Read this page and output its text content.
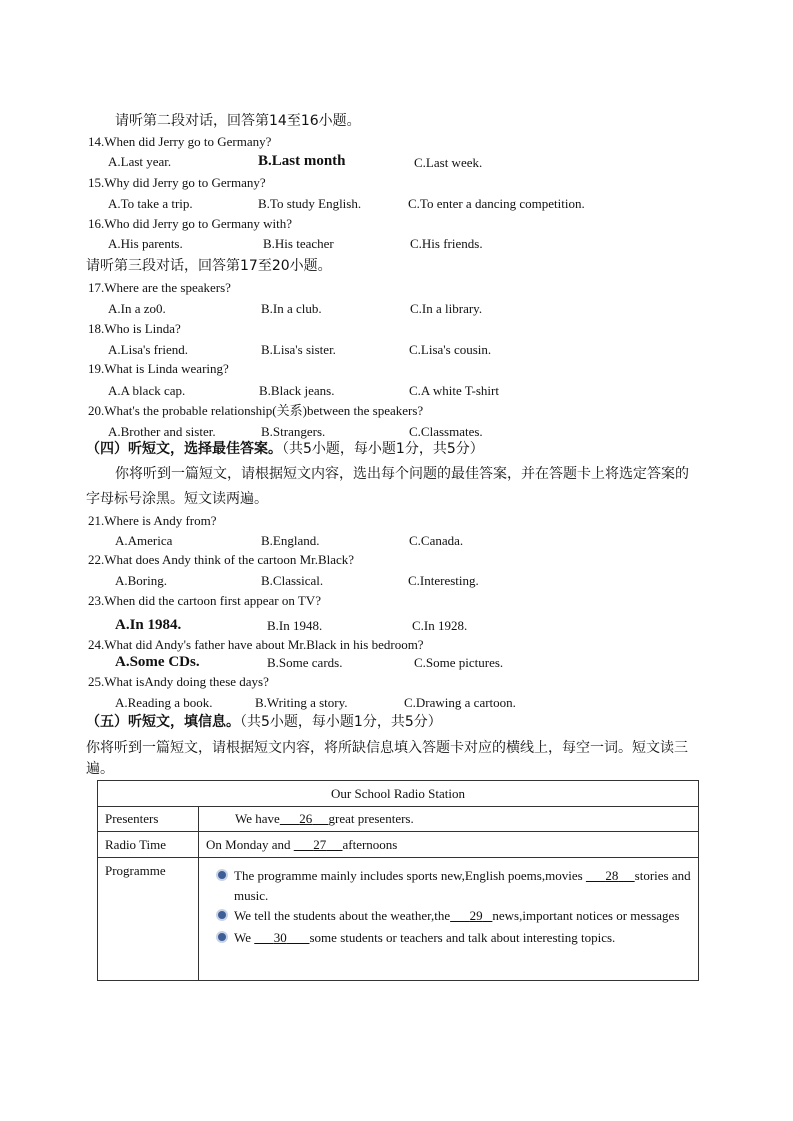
请听第二段对话，回答第14至16小题。
14.When did Jerry go to Germany?
A.Last year.	B.Last month	C.Last week.
15.Why did Jerry go to Germany?
A.To take a trip.	B.To study English.	C.To enter a dancing competition.
16.Who did Jerry go to Germany with?
A.His parents.	B.His teacher	C.His friends.
请听第三段对话，回答第17至20小题。
17.Where are the speakers?
A.In a zo0.	B.In a club.	C.In a library.
18.Who is Linda?
A.Lisa's friend.	B.Lisa's sister.	C.Lisa's cousin.
19.What is Linda wearing?
A.A black cap.	B.Black jeans.	C.A white T-shirt
20.What's the probable relationship(关系)between the speakers?
A.Brother and sister.	B.Strangers.	C.Classmates.
（四）听短文，选择最佳答案。（共5小题，每小题1分，共5分）
你将听到一篇短文，请根据短文内容，选出每个问题的最佳答案，并在答题卡上将选定答案的
字母标号涂黑。短文读两遍。
21.Where is Andy from?
A.America	B.England.	C.Canada.
22.What does Andy think of the cartoon Mr.Black?
A.Boring.	B.Classical.	C.Interesting.
23.When did the cartoon first appear on TV?
A.In 1984.	B.In 1948.	C.In 1928.
24.What did Andy's father have about Mr.Black in his bedroom?
A.Some CDs.	B.Some cards.	C.Some pictures.
25.What isAndy doing these days?
A.Reading a book.	B.Writing a story.	C.Drawing a cartoon.
（五）听短文，填信息。（共5小题，每小题1分，共5分）
你将听到一篇短文，请根据短文内容，将所缺信息填入答题卡对应的横线上，每空一词。短文读三
遍。
Our School Radio Station	
Presenters	We have 26 great presenters.
Radio Time	On Monday and 27 afternoons
Programme	The programme mainly includes sports new,English poems,movies 28 stories and music.
We tell the students about the weather,the 29 news,important notices or messages
We 30 some students or teachers and talk about interesting topics.
